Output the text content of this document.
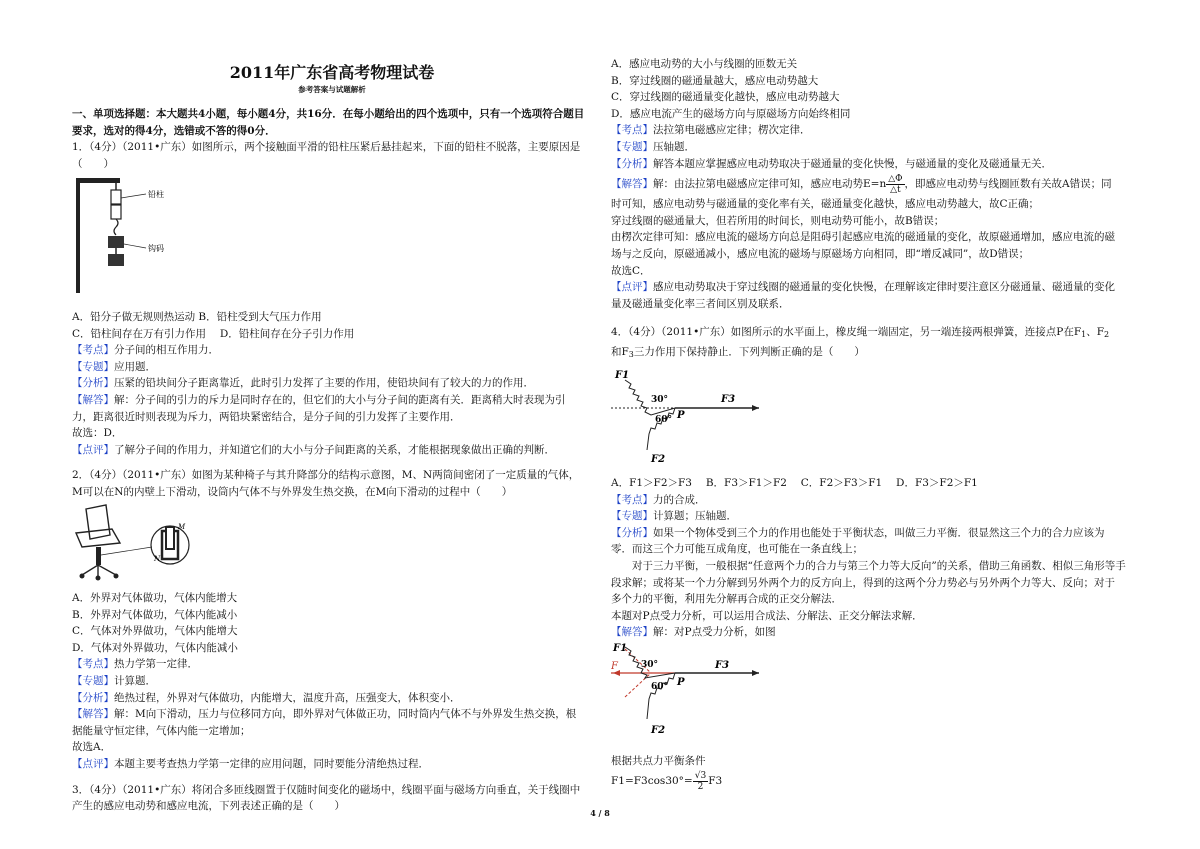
2011年广东省高考物理试卷
参考答案与试题解析

一、单项选择题：本大题共4小题，每小题4分，共16分．在每小题给出的四个选项中，只有一个选项符合题目要求，选对的得4分，选错或不答的得0分．

1．（4分）（2011•广东）如图所示，两个接触面平滑的铅柱压紧后悬挂起来，下面的铅柱不脱落，主要原因是（　　）

铅柱
钩码

A．铅分子做无规则热运动 B．铅柱受到大气压力作用

C．铅柱间存在万有引力作用　 D．铅柱间存在分子引力作用

【考点】分子间的相互作用力．

【专题】应用题．

【分析】压紧的铅块间分子距离靠近，此时引力发挥了主要的作用，使铅块间有了较大的力的作用．

【解答】解：分子间的引力的斥力是同时存在的，但它们的大小与分子间的距离有关．距离稍大时表现为引

力，距离很近时则表现为斥力，两铅块紧密结合，是分子间的引力发挥了主要作用．

故选：D．

【点评】了解分子间的作用力，并知道它们的大小与分子间距离的关系，才能根据现象做出正确的判断．

2．（4分）（2011•广东）如图为某种椅子与其升降部分的结构示意图，M、N两筒间密闭了一定质量的气体，

M可以在N的内壁上下滑动，设筒内气体不与外界发生热交换，在M向下滑动的过程中（　　）

M
N

A．外界对气体做功，气体内能增大

B．外界对气体做功，气体内能减小

C．气体对外界做功，气体内能增大

D．气体对外界做功，气体内能减小

【考点】热力学第一定律．

【专题】计算题．

【分析】绝热过程，外界对气体做功，内能增大，温度升高，压强变大，体积变小．

【解答】解：M向下滑动，压力与位移同方向，即外界对气体做正功，同时筒内气体不与外界发生热交换，根

据能量守恒定律，气体内能一定增加；

故选A．

【点评】本题主要考查热力学第一定律的应用问题，同时要能分清绝热过程．

3．（4分）（2011•广东）将闭合多匝线圈置于仅随时间变化的磁场中，线圈平面与磁场方向垂直，关于线圈中

产生的感应电动势和感应电流，下列表述正确的是（　　）

A．感应电动势的大小与线圈的匝数无关

B．穿过线圈的磁通量越大，感应电动势越大

C．穿过线圈的磁通量变化越快，感应电动势越大

D．感应电流产生的磁场方向与原磁场方向始终相同

【考点】法拉第电磁感应定律；楞次定律．

【专题】压轴题．

【分析】解答本题应掌握感应电动势取决于磁通量的变化快慢，与磁通量的变化及磁通量无关．

【解答】解：由法拉第电磁感应定律可知，感应电动势$E=n \frac{\triangle\Phi}{\triangle t}$ ，即感应电动势与线圈匝数有关故A错误；同

时可知，感应电动势与磁通量的变化率有关，磁通量变化越快，感应电动势越大，故C正确；

穿过线圈的磁通量大，但若所用的时间长，则电动势可能小，故B错误；

由楞次定律可知：感应电流的磁场方向总是阻碍引起感应电流的磁通量的变化，故原磁通增加，感应电流的磁

场与之反向，原磁通减小，感应电流的磁场与原磁场方向相同，即“增反减同”，故D错误；

故选C．

【点评】感应电动势取决于穿过线圈的磁通量的变化快慢，在理解该定律时要注意区分磁通量、磁通量的变化

量及磁通量变化率三者间区别及联系．

4．（4分）（2011•广东）如图所示的水平面上，橡皮绳一端固定，另一端连接两根弹簧，连接点P在F1、F2

和F3三力作用下保持静止．下列判断正确的是（　　）

F1
F3
F2
30°
60° P

A．F1＞F2＞F3　 B．F3＞F1＞F2　 C．F2＞F3＞F1　 D．F3＞F2＞F1

【考点】力的合成．

【专题】计算题；压轴题．

【分析】如果一个物体受到三个力的作用也能处于平衡状态，叫做三力平衡．很显然这三个力的合力应该为

零．而这三个力可能互成角度，也可能在一条直线上；

　　对于三力平衡，一般根据“任意两个力的合力与第三个力等大反向”的关系，借助三角函数、相似三角形等手

段求解；或将某一个力分解到另外两个力的反方向上，得到的这两个分力势必与另外两个力等大、反向；对于

多个力的平衡，利用先分解再合成的正交分解法．

本题对P点受力分析，可以运用合成法、分解法、正交分解法求解．

【解答】解：对P点受力分析，如图

F1
F	F3
F2
30°
60° P

根据共点力平衡条件

$F1=F3\cos 30^\circ= \frac{√3}{2} F3$

4 / 8
